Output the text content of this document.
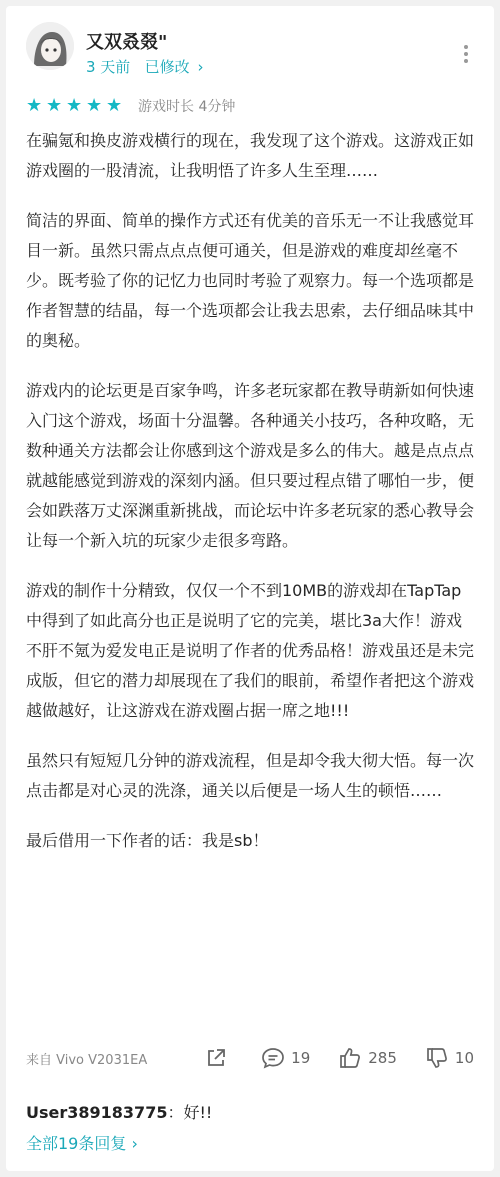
又双叒叕"
3 天前 已修改 ›
★ ★ ★ ★ ★ 游戏时长 4分钟

在骗氪和换皮游戏横行的现在，我发现了这个游戏。这游戏正如游戏圈的一股清流，让我明悟了许多人生至理……

简洁的界面、简单的操作方式还有优美的音乐无一不让我感觉耳目一新。虽然只需点点点便可通关，但是游戏的难度却丝毫不少。既考验了你的记忆力也同时考验了观察力。每一个选项都是作者智慧的结晶，每一个选项都会让我去思索，去仔细品味其中的奥秘。

游戏内的论坛更是百家争鸣，许多老玩家都在教导萌新如何快速入门这个游戏，场面十分温馨。各种通关小技巧，各种攻略，无数种通关方法都会让你感到这个游戏是多么的伟大。越是点点点就越能感觉到游戏的深刻内涵。但只要过程点错了哪怕一步，便会如跌落万丈深渊重新挑战，而论坛中许多老玩家的悉心教导会让每一个新入坑的玩家少走很多弯路。

游戏的制作十分精致，仅仅一个不到10MB的游戏却在TapTap中得到了如此高分也正是说明了它的完美，堪比3a大作！游戏不肝不氪为爱发电正是说明了作者的优秀品格！游戏虽还是未完成版，但它的潜力却展现在了我们的眼前，希望作者把这个游戏越做越好，让这游戏在游戏圈占据一席之地!!!

虽然只有短短几分钟的游戏流程，但是却令我大彻大悟。每一次点击都是对心灵的洗涤，通关以后便是一场人生的顿悟……

最后借用一下作者的话：我是sb！

来自 Vivo V2031EA	19	285	10
User389183775：好!!
全部19条回复 ›
